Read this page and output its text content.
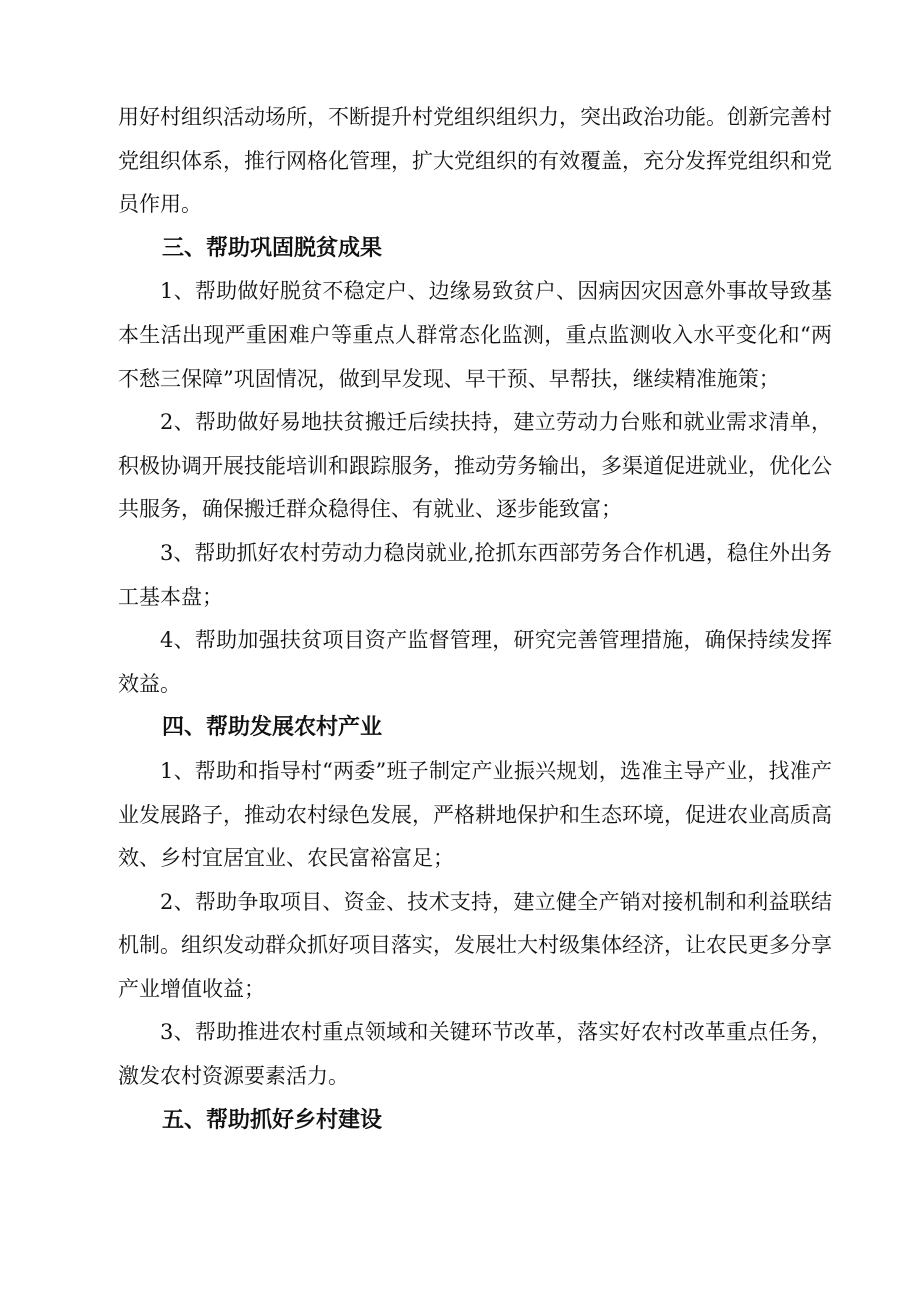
用好村组织活动场所，不断提升村党组织组织力，突出政治功能。创新完善村党组织体系，推行网格化管理，扩大党组织的有效覆盖，充分发挥党组织和党员作用。

三、帮助巩固脱贫成果

1、帮助做好脱贫不稳定户、边缘易致贫户、因病因灾因意外事故导致基本生活出现严重困难户等重点人群常态化监测，重点监测收入水平变化和“两不愁三保障”巩固情况，做到早发现、早干预、早帮扶，继续精准施策；

2、帮助做好易地扶贫搬迁后续扶持，建立劳动力台账和就业需求清单，积极协调开展技能培训和跟踪服务，推动劳务输出，多渠道促进就业，优化公共服务，确保搬迁群众稳得住、有就业、逐步能致富；

3、帮助抓好农村劳动力稳岗就业,抢抓东西部劳务合作机遇，稳住外出务工基本盘；

4、帮助加强扶贫项目资产监督管理，研究完善管理措施，确保持续发挥效益。

四、帮助发展农村产业

1、帮助和指导村“两委”班子制定产业振兴规划，选准主导产业，找准产业发展路子，推动农村绿色发展，严格耕地保护和生态环境，促进农业高质高效、乡村宜居宜业、农民富裕富足；

2、帮助争取项目、资金、技术支持，建立健全产销对接机制和利益联结机制。组织发动群众抓好项目落实，发展壮大村级集体经济，让农民更多分享产业增值收益；

3、帮助推进农村重点领域和关键环节改革，落实好农村改革重点任务，激发农村资源要素活力。

五、帮助抓好乡村建设
